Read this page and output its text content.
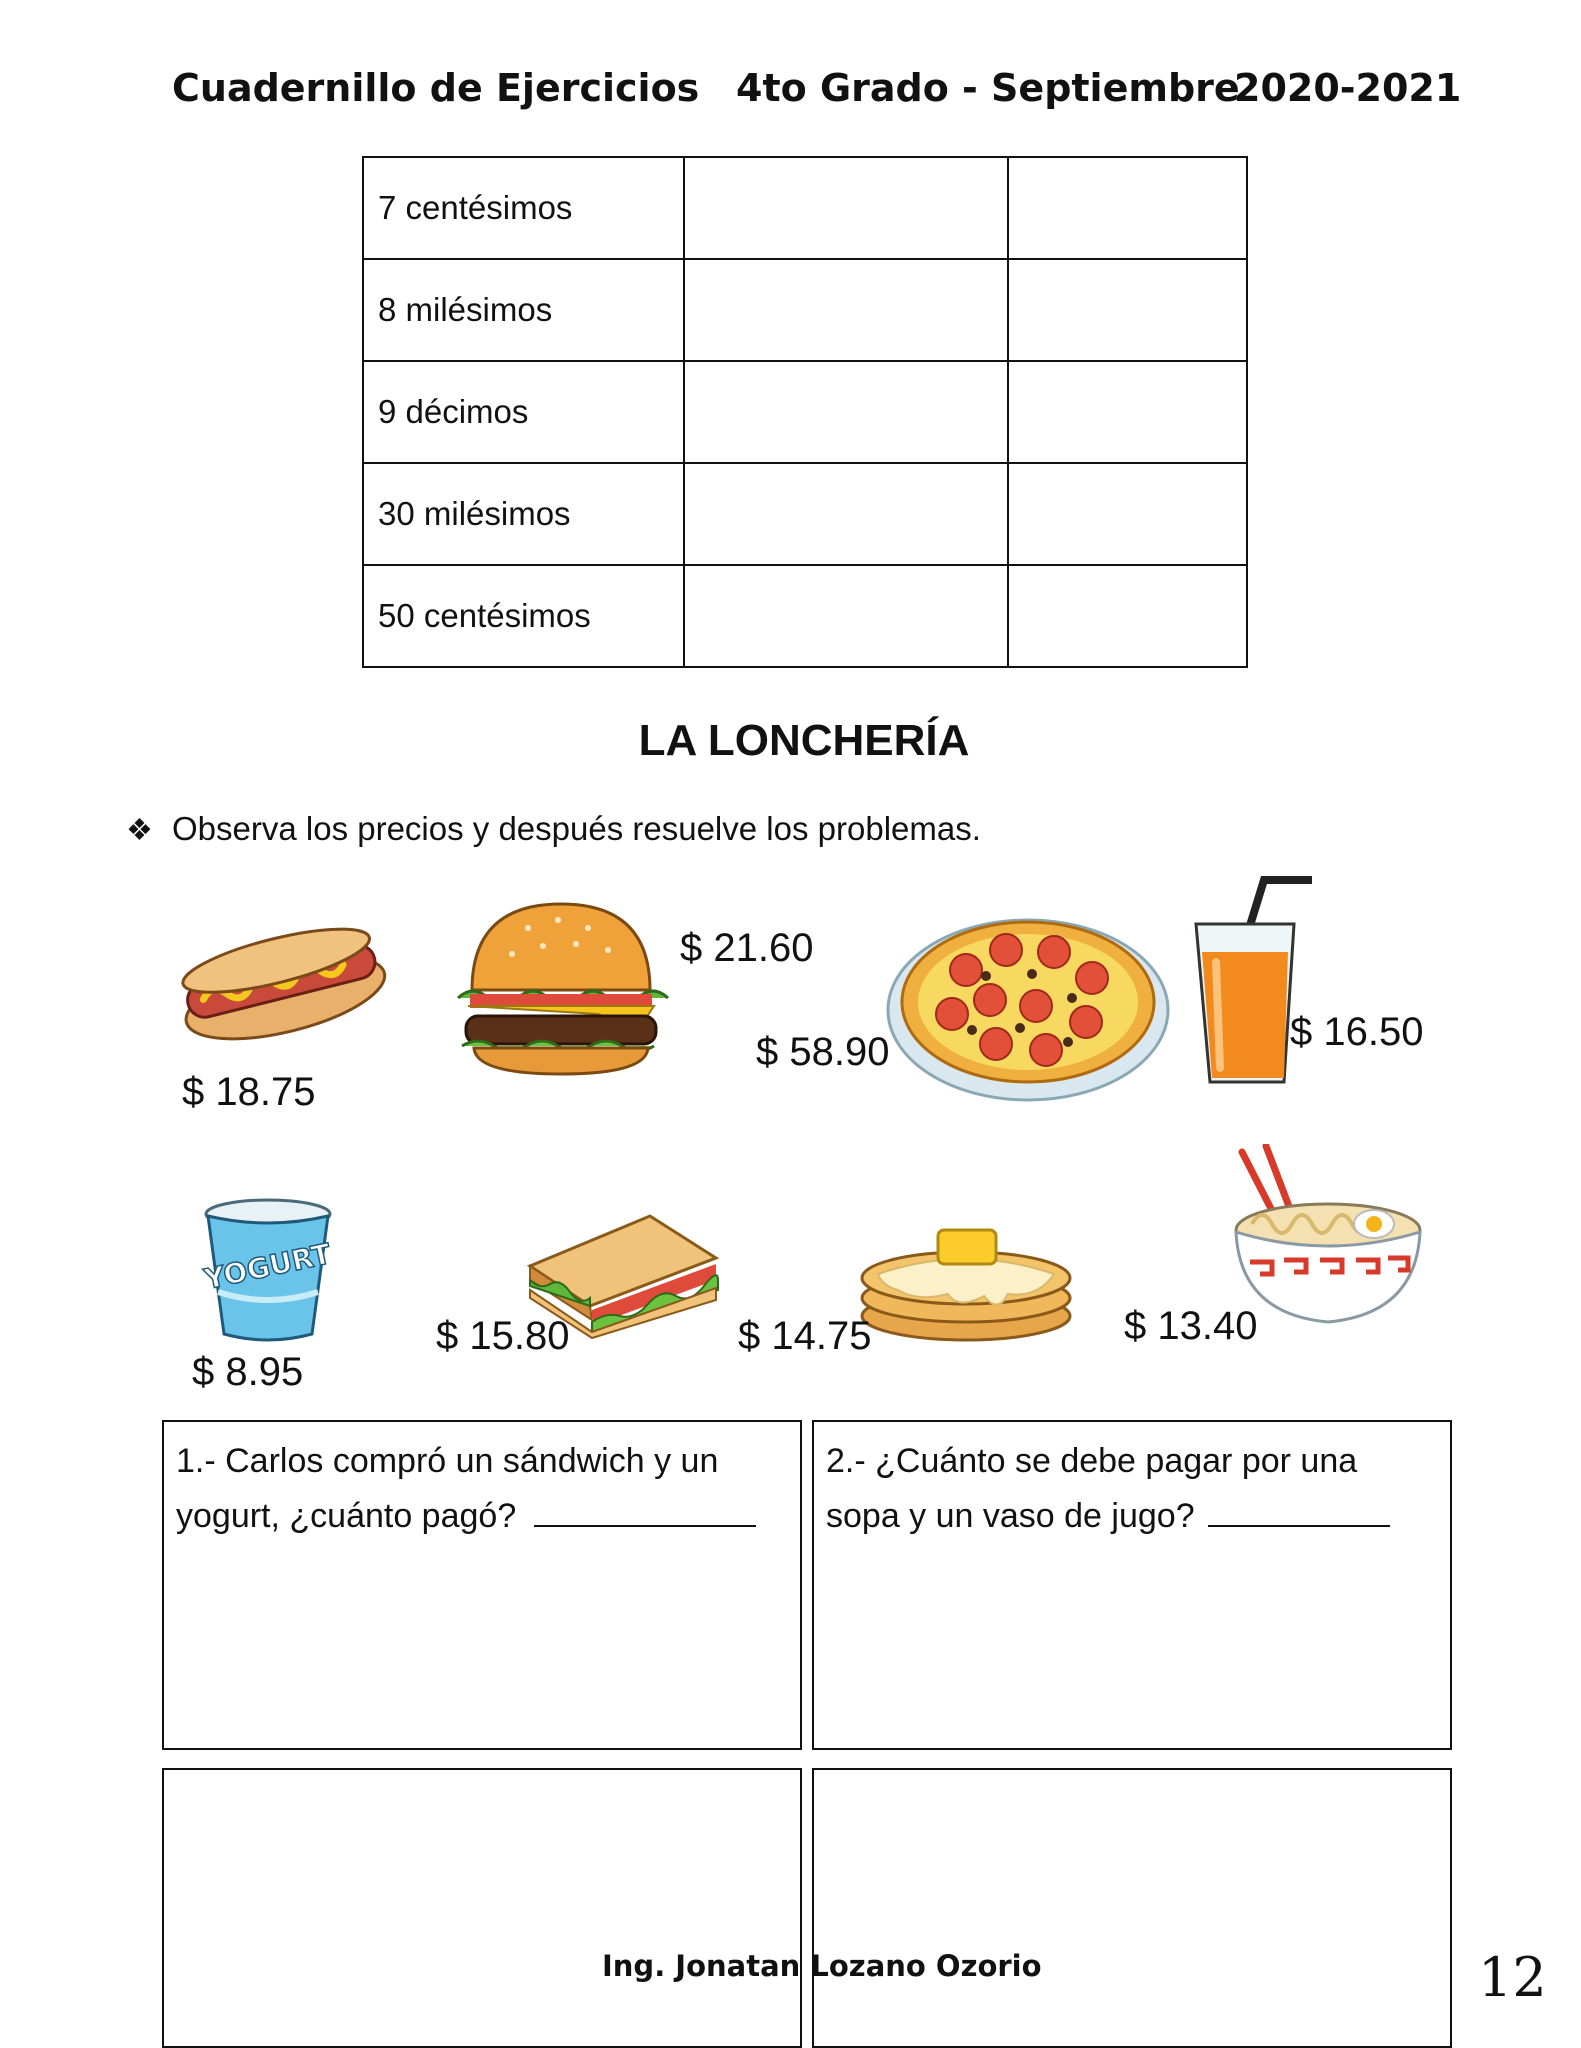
Cuadernillo de Ejercicios 4to Grado - Septiembre
2020-2021
7 centésimos		
8 milésimos		
9 décimos		
30 milésimos		
50 centésimos		
LA LONCHERÍA
❖ Observa los precios y después resuelve los problemas.
$ 18.75
$ 21.60
$ 58.90	$ 16.50
YOGURT
$ 8.95
$ 15.80	$ 14.75	$ 13.40
1.- Carlos compró un sándwich y un
yogurt, ¿cuánto pagó?
2.- ¿Cuánto se debe pagar por una
sopa y un vaso de jugo?
Ing. Jonatan Lozano Ozorio	12
